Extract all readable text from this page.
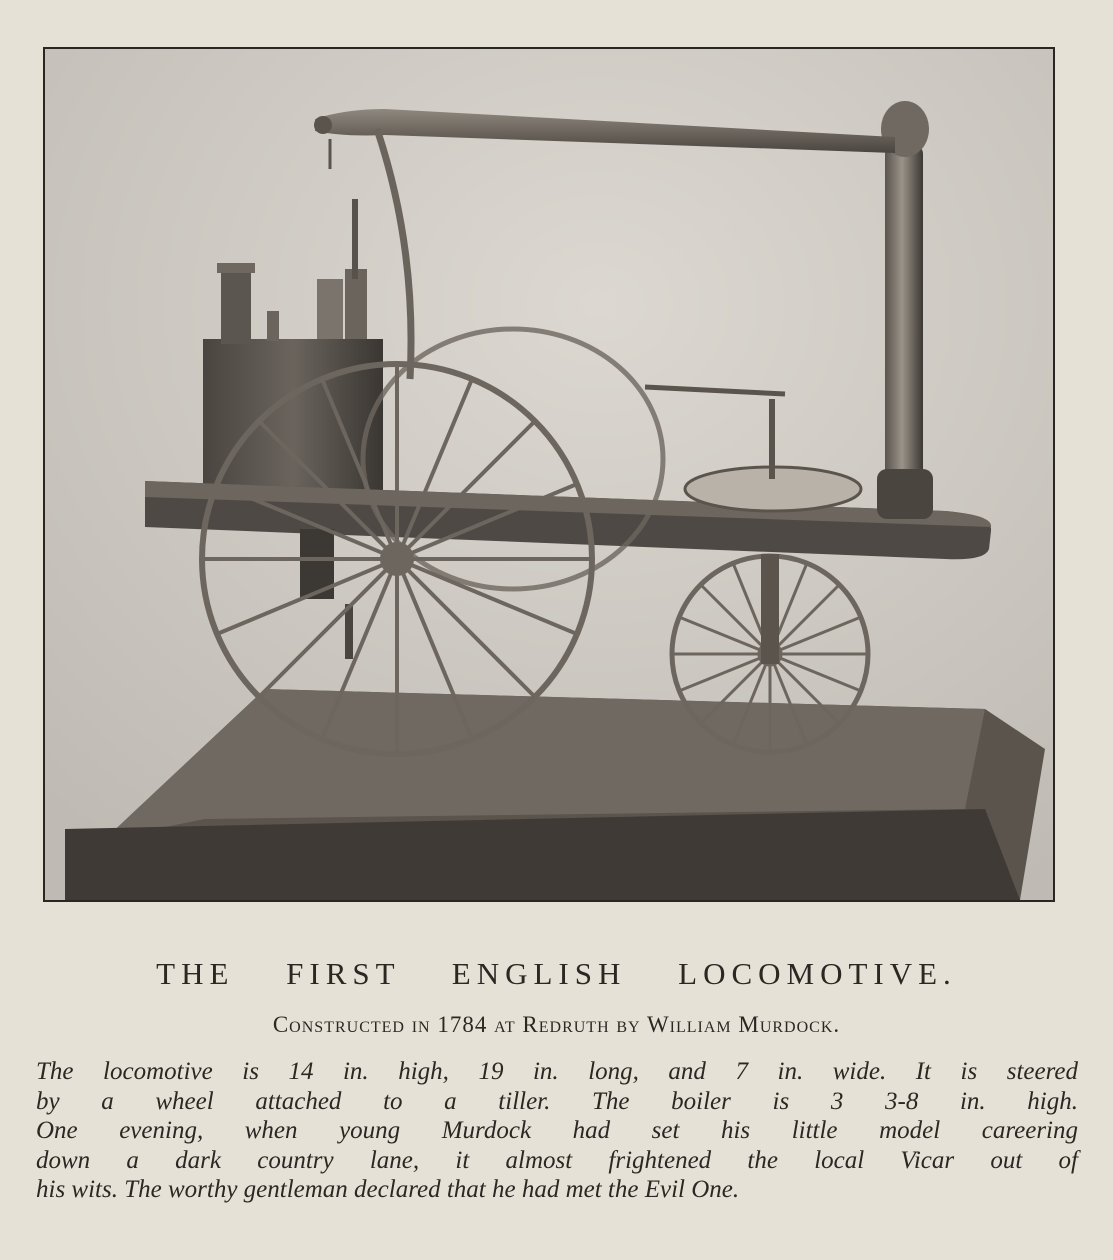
THE FIRST ENGLISH LOCOMOTIVE.
Constructed in 1784 at Redruth by William Murdock.
The locomotive is 14 in. high, 19 in. long, and 7 in. wide. It is steered
by a wheel attached to a tiller. The boiler is 3 3-8 in. high.
One evening, when young Murdock had set his little model careering
down a dark country lane, it almost frightened the local Vicar out of
his wits. The worthy gentleman declared that he had met the Evil One.
